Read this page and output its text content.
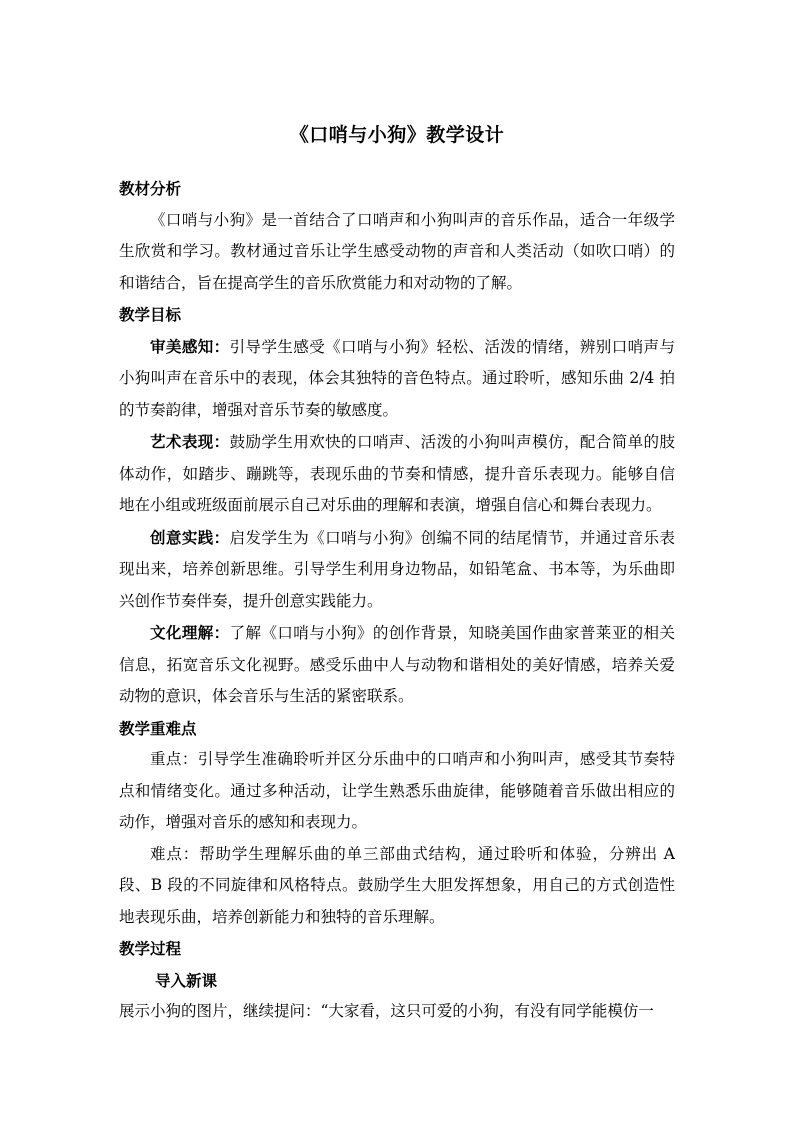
《口哨与小狗》教学设计

教材分析

《口哨与小狗》是一首结合了口哨声和小狗叫声的音乐作品，适合一年级学生欣赏和学习。教材通过音乐让学生感受动物的声音和人类活动（如吹口哨）的和谐结合，旨在提高学生的音乐欣赏能力和对动物的了解。

教学目标

审美感知：引导学生感受《口哨与小狗》轻松、活泼的情绪，辨别口哨声与小狗叫声在音乐中的表现，体会其独特的音色特点。通过聆听，感知乐曲 2/4 拍的节奏韵律，增强对音乐节奏的敏感度。

艺术表现：鼓励学生用欢快的口哨声、活泼的小狗叫声模仿，配合简单的肢体动作，如踏步、蹦跳等，表现乐曲的节奏和情感，提升音乐表现力。能够自信地在小组或班级面前展示自己对乐曲的理解和表演，增强自信心和舞台表现力。

创意实践：启发学生为《口哨与小狗》创编不同的结尾情节，并通过音乐表现出来，培养创新思维。引导学生利用身边物品，如铅笔盒、书本等，为乐曲即兴创作节奏伴奏，提升创意实践能力。

文化理解：了解《口哨与小狗》的创作背景，知晓美国作曲家普莱亚的相关信息，拓宽音乐文化视野。感受乐曲中人与动物和谐相处的美好情感，培养关爱动物的意识，体会音乐与生活的紧密联系。

教学重难点

重点：引导学生准确聆听并区分乐曲中的口哨声和小狗叫声，感受其节奏特点和情绪变化。通过多种活动，让学生熟悉乐曲旋律，能够随着音乐做出相应的动作，增强对音乐的感知和表现力。

难点：帮助学生理解乐曲的单三部曲式结构，通过聆听和体验，分辨出 A 段、B 段的不同旋律和风格特点。鼓励学生大胆发挥想象，用自己的方式创造性地表现乐曲，培养创新能力和独特的音乐理解。

教学过程

导入新课

展示小狗的图片，继续提问：“大家看，这只可爱的小狗，有没有同学能模仿一
